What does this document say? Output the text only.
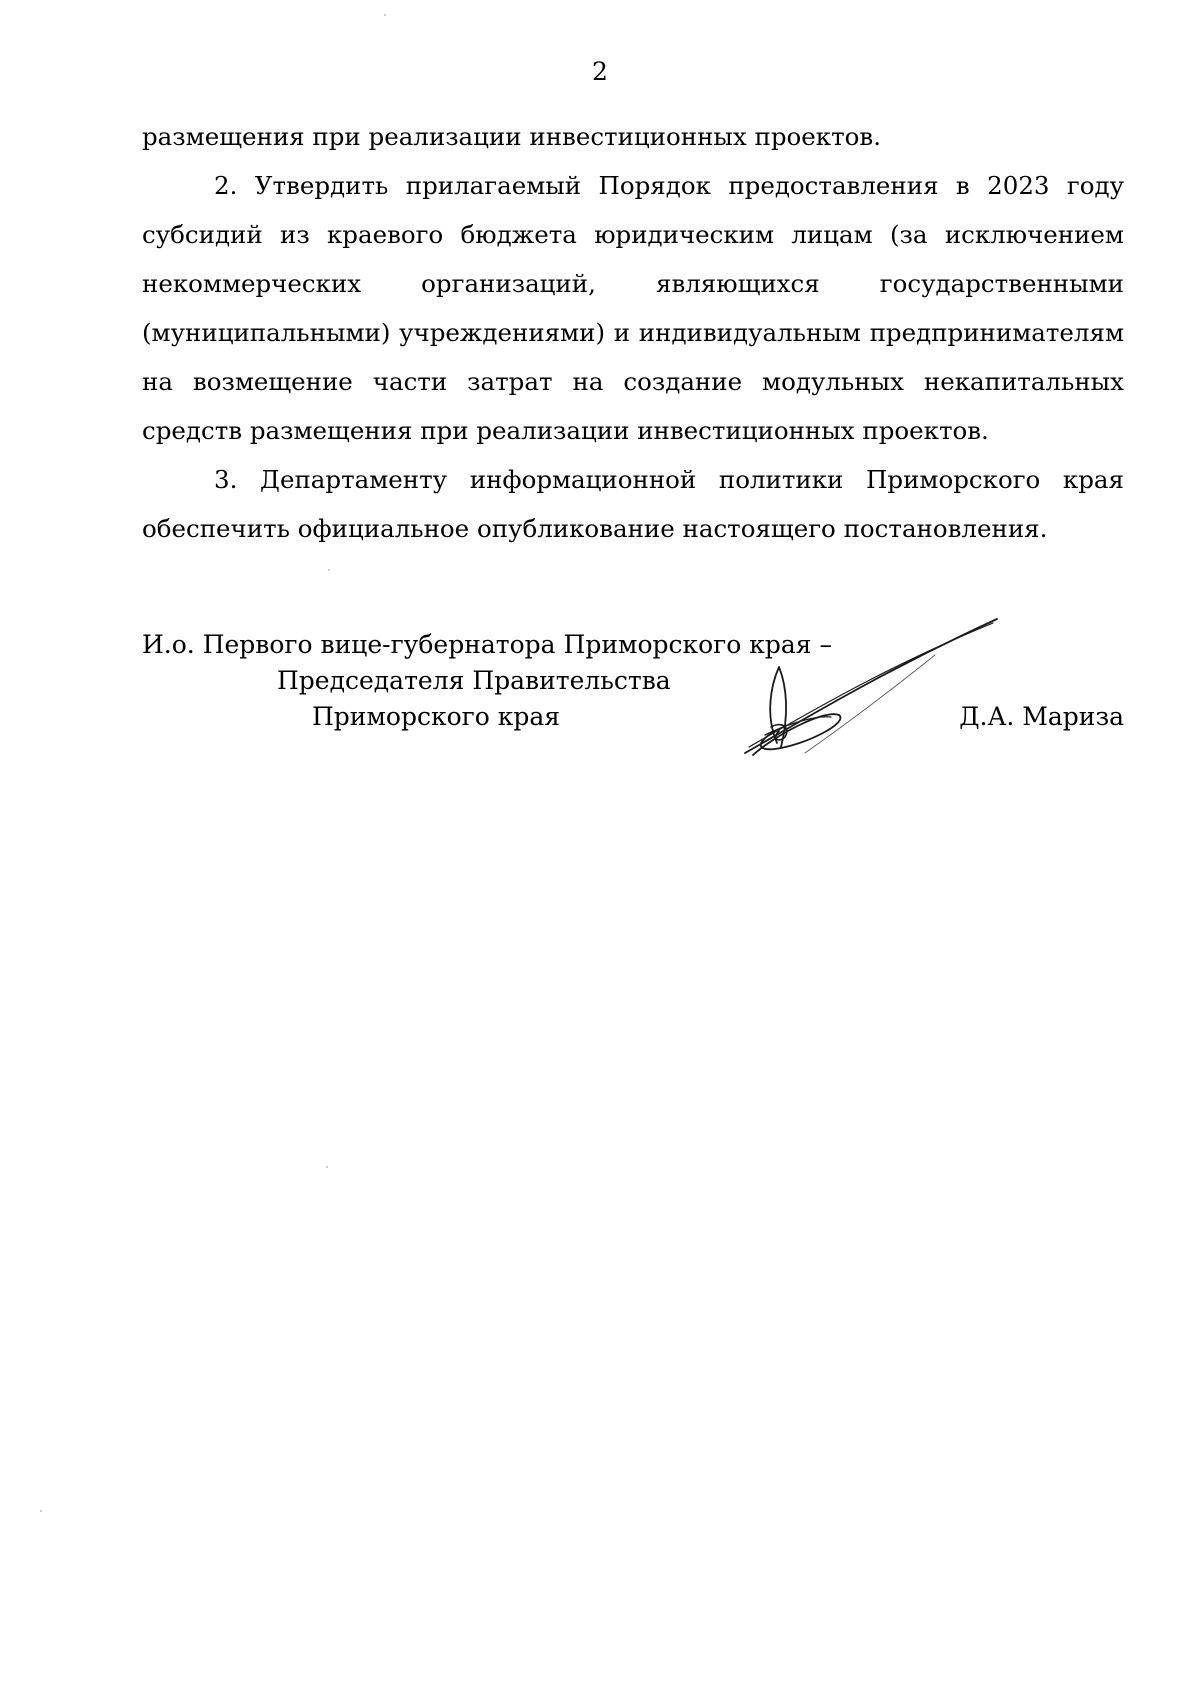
2

размещения при реализации инвестиционных проектов.

2. Утвердить прилагаемый Порядок предоставления в 2023 году субсидий из краевого бюджета юридическим лицам (за исключением некоммерческих организаций, являющихся государственными (муниципальными) учреждениями) и индивидуальным предпринимателям на возмещение части затрат на создание модульных некапитальных средств размещения при реализации инвестиционных проектов.

3. Департаменту информационной политики Приморского края обеспечить официальное опубликование настоящего постановления.

И.о. Первого вице-губернатора Приморского края –
Председателя Правительства
Приморского края	Д.А. Мариза
